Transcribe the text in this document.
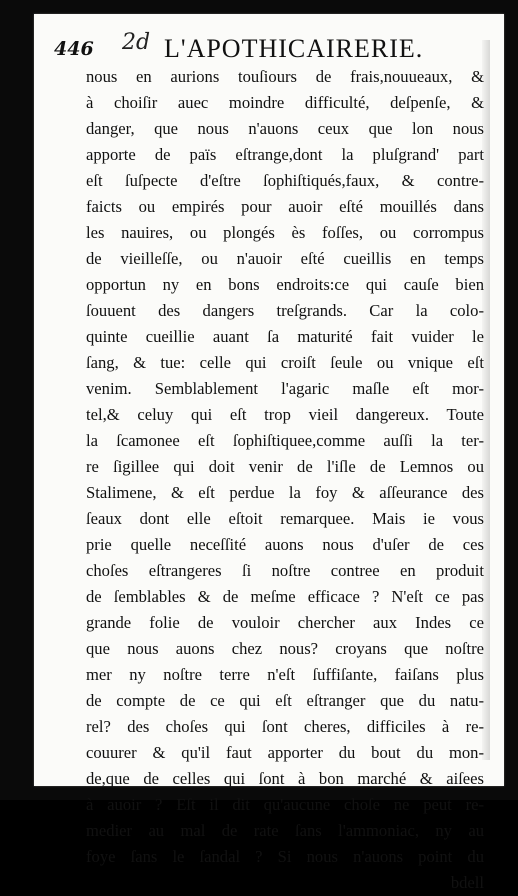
446 2d L'APOTHICAIRERIE.
nous en aurions touſiours de frais,nouueaux, &
à choiſir auec moindre difficulté, deſpenſe, &
danger, que nous n'auons ceux que lon nous
apporte de païs eſtrange,dont la pluſgrand' part
eſt ſuſpecte d'eſtre ſophiſtiqués,faux, & contre-
faicts ou empirés pour auoir eſté mouillés dans
les nauires, ou plongés ès foſſes, ou corrompus
de vieilleſſe, ou n'auoir eſté cueillis en temps
opportun ny en bons endroits:ce qui cauſe bien
ſouuent des dangers treſgrands. Car la colo-
quinte cueillie auant ſa maturité fait vuider le
ſang, & tue: celle qui croiſt ſeule ou vnique eſt
venim. Semblablement l'agaric maſle eſt mor-
tel,& celuy qui eſt trop vieil dangereux. Toute
la ſcamonee eſt ſophiſtiquee,comme auſſi la ter-
re ſigillee qui doit venir de l'iſle de Lemnos ou
Stalimene, & eſt perdue la foy & aſſeurance des
ſeaux dont elle eſtoit remarquee. Mais ie vous
prie quelle neceſſité auons nous d'uſer de ces
choſes eſtrangeres ſi noſtre contree en produit
de ſemblables & de meſme efficace ? N'eſt ce pas
grande folie de vouloir chercher aux Indes ce
que nous auons chez nous? croyans que noſtre
mer ny noſtre terre n'eſt ſuffiſante, faiſans plus
de compte de ce qui eſt eſtranger que du natu-
rel? des choſes qui ſont cheres, difficiles à re-
couurer & qu'il faut apporter du bout du mon-
de,que de celles qui ſont à bon marché & aiſees
à auoir ? Eſt il dit qu'aucune choſe ne peut re-
medier au mal de rate ſans l'ammoniac, ny au
foye ſans le ſandal ? Si nous n'auons point du
bdell
